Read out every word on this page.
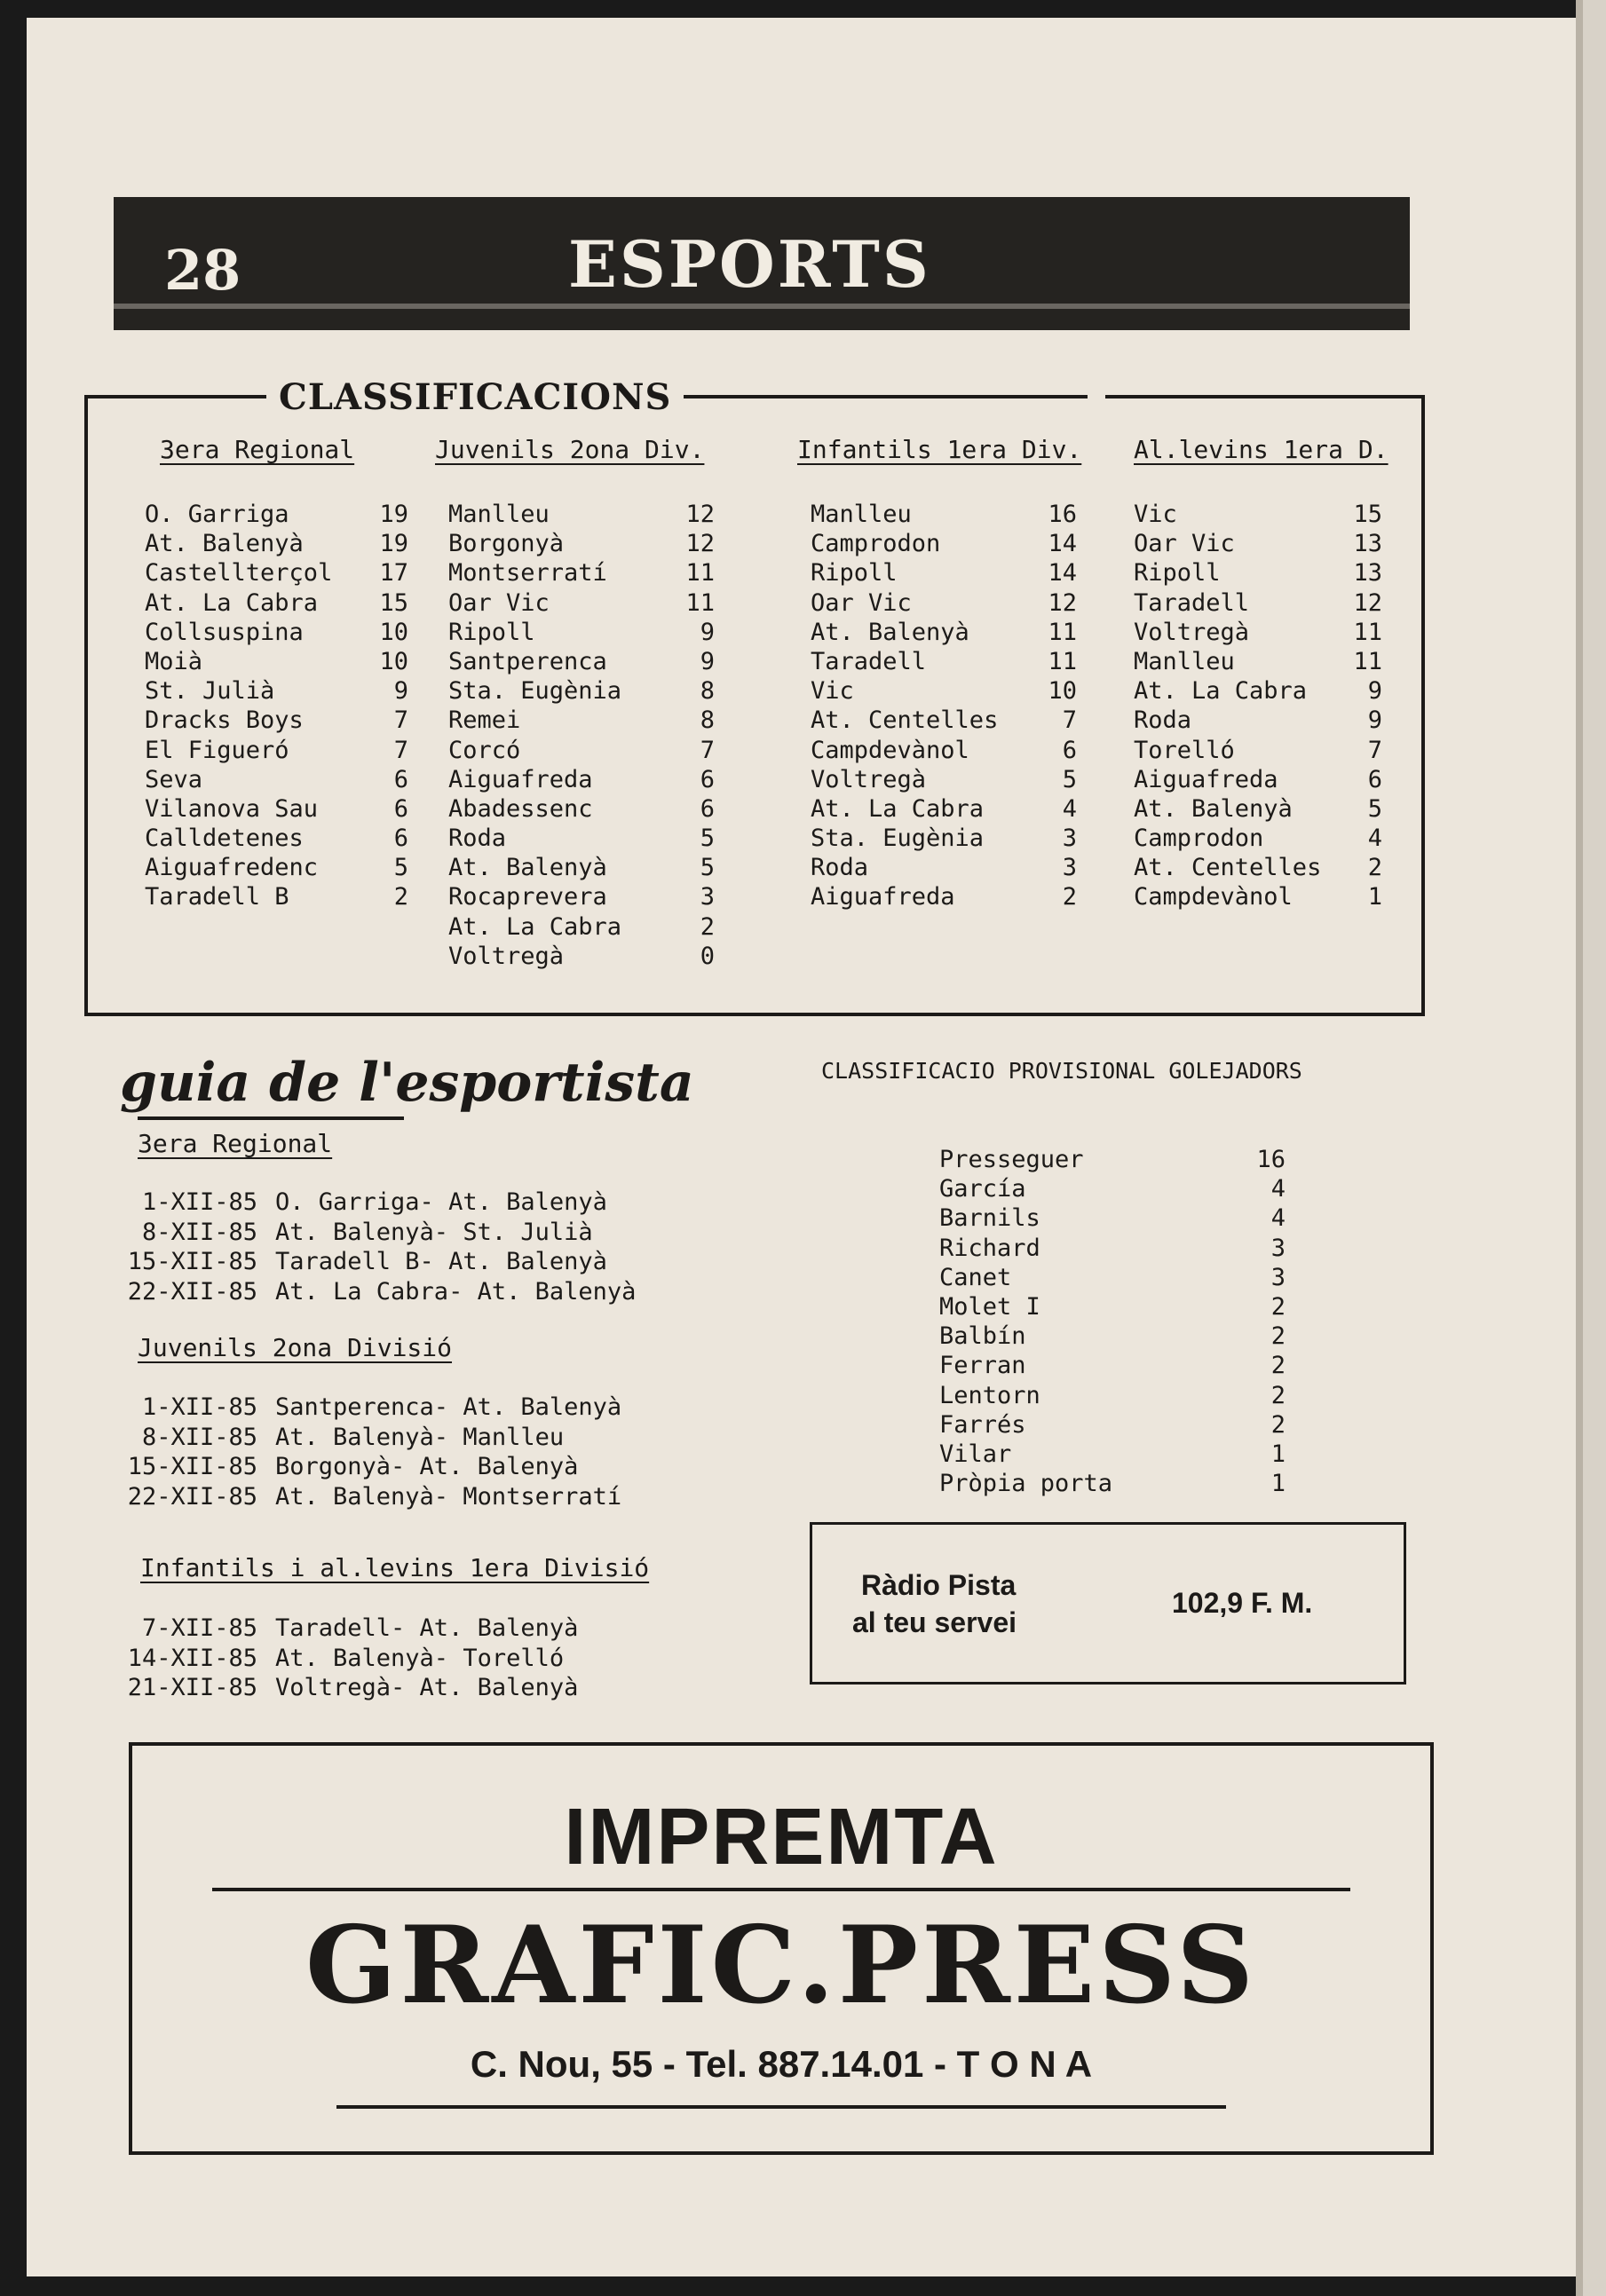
28	ESPORTS
CLASSIFICACIONS
3era Regional
O. Garriga	19
At. Balenyà	19
Castellterçol 17
At. La Cabra	15
Collsuspina	10
Moià	10
St. Julià	9
Dracks Boys	7
El Figueró	7
Seva	6
Vilanova Sau	6
Calldetenes	6
Aiguafredenc	5
Taradell B	2
Juvenils 2ona Div.
Manlleu	12
Borgonyà	12
Montserratí	11
Oar Vic	11
Ripoll	9
Santperenca	9
Sta. Eugènia	8
Remei	8
Corcó	7
Aiguafreda	6
Abadessenc	6
Roda	5
At. Balenyà	5
Rocaprevera	3
At. La Cabra	2
Voltregà	0
Infantils 1era Div.
Manlleu	16
Camprodon	14
Ripoll	14
Oar Vic	12
At. Balenyà	11
Taradell	11
Vic	10
At. Centelles	7
Campdevànol	6
Voltregà	5
At. La Cabra	4
Sta. Eugènia	3
Roda	3
Aiguafreda	2
Al.levins 1era D.
Vic	15
Oar Vic	13
Ripoll	13
Taradell	12
Voltregà	11
Manlleu	11
At. La Cabra	9
Roda	9
Torelló	7
Aiguafreda	6
At. Balenyà	5
Camprodon	4
At. Centelles 2
Campdevànol	1
guia de l'esportista
3era Regional
1-XII-85 O. Garriga- At. Balenyà
8-XII-85 At. Balenyà- St. Julià
15-XII-85 Taradell B- At. Balenyà
22-XII-85 At. La Cabra- At. Balenyà
Juvenils 2ona Divisió
1-XII-85 Santperenca- At. Balenyà
8-XII-85 At. Balenyà- Manlleu
15-XII-85 Borgonyà- At. Balenyà
22-XII-85 At. Balenyà- Montserratí
Infantils i al.levins 1era Divisió
7-XII-85 Taradell- At. Balenyà
14-XII-85 At. Balenyà- Torelló
21-XII-85 Voltregà- At. Balenyà
CLASSIFICACIO PROVISIONAL GOLEJADORS
Presseguer	16
García	4
Barnils	4
Richard	3
Canet	3
Molet I	2
Balbín	2
Ferran	2
Lentorn	2
Farrés	2
Vilar	1
Pròpia porta	1
Ràdio Pista
al teu servei
102,9 F. M.
IMPREMTA
GRAFIC.PRESS
C. Nou, 55 - Tel. 887.14.01 - T O N A
